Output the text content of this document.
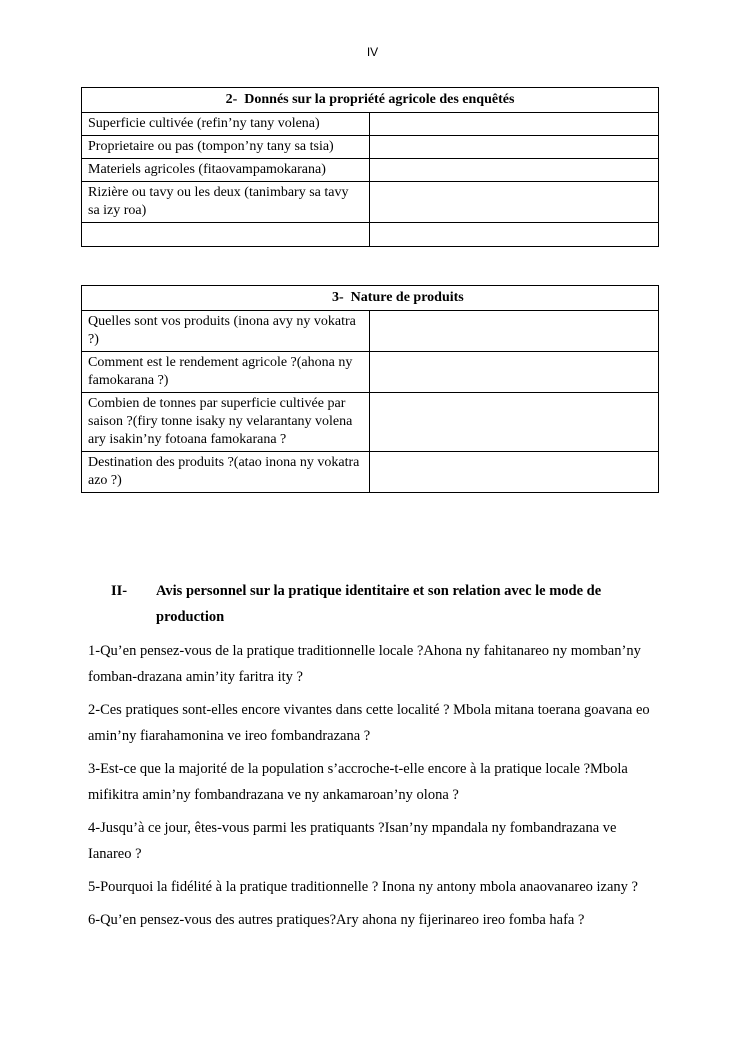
IV
2- Donnés sur la propriété agricole des enquêtés	
Superficie cultivée (refin’ny tany volena)	
Proprietaire ou pas (tompon’ny tany sa tsia)	
Materiels agricoles (fitaovampamokarana)	
Rizière ou tavy ou les deux (tanimbary sa tavy sa izy roa)	

3- Nature de produits	
Quelles sont vos produits (inona avy ny vokatra ?)	
Comment est le rendement agricole ?(ahona ny famokarana ?)	
Combien de tonnes par superficie cultivée par saison ?(firy tonne isaky ny velarantany volena ary isakin’ny fotoana famokarana ?	
Destination des produits ?(atao inona ny vokatra azo ?)	
II- Avis personnel sur la pratique identitaire et son relation avec le mode de production

1-Qu’en pensez-vous de la pratique traditionnelle locale ?Ahona ny fahitanareo ny momban’ny fomban-drazana amin’ity faritra ity ?

2-Ces pratiques sont-elles encore vivantes dans cette localité ? Mbola mitana toerana goavana eo amin’ny fiarahamonina ve ireo fombandrazana ?

3-Est-ce que la majorité de la population s’accroche-t-elle encore à la pratique locale ?Mbola mifikitra amin’ny fombandrazana ve ny ankamaroan’ny olona ?

4-Jusqu’à ce jour, êtes-vous parmi les pratiquants ?Isan’ny mpandala ny fombandrazana ve Ianareo ?

5-Pourquoi la fidélité à la pratique traditionnelle ? Inona ny antony mbola anaovanareo izany ?

6-Qu’en pensez-vous des autres pratiques?Ary ahona ny fijerinareo ireo fomba hafa ?
